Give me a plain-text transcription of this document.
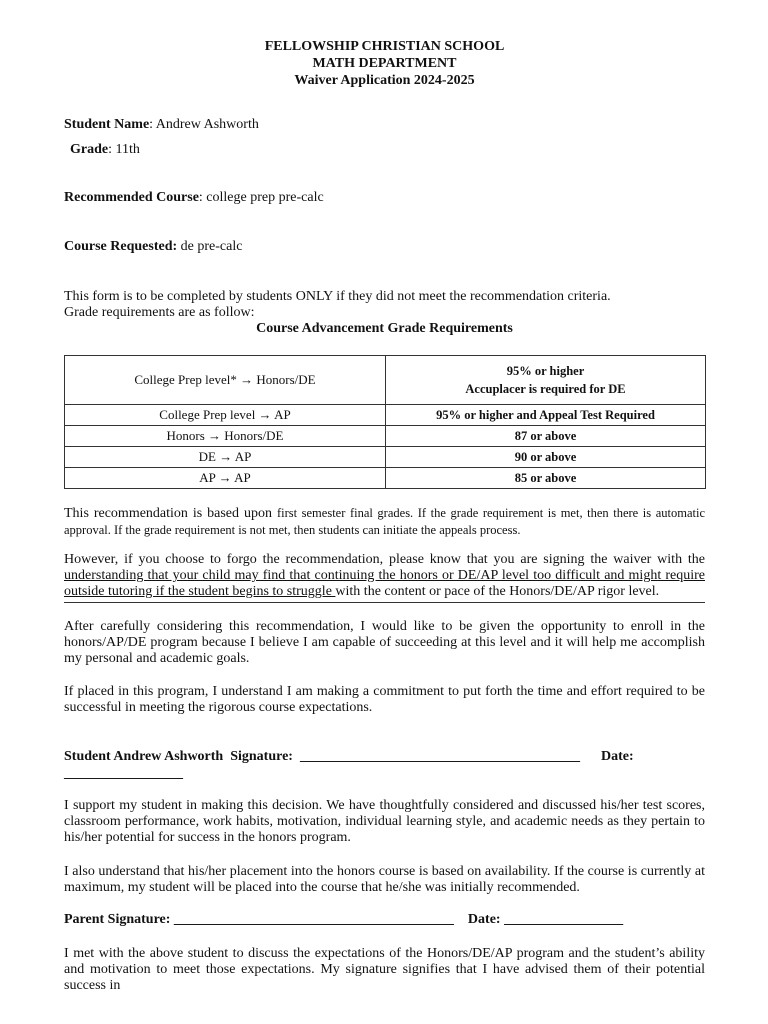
FELLOWSHIP CHRISTIAN SCHOOL
MATH DEPARTMENT
Waiver Application 2024-2025
Student Name: Andrew Ashworth
Grade: 11th
Recommended Course: college prep pre-calc
Course Requested: de pre-calc
This form is to be completed by students ONLY if they did not meet the recommendation criteria.
Grade requirements are as follow:
Course Advancement Grade Requirements
College Prep level* → Honors/DE	95% or higher
Accuplacer is required for DE

College Prep level → AP	95% or higher and Appeal Test Required
Honors → Honors/DE	87 or above
DE → AP	90 or above
AP → AP	85 or above
This recommendation is based upon first semester final grades. If the grade requirement is met, then there is automatic approval. If the grade requirement is not met, then students can initiate the appeals process.
However, if you choose to forgo the recommendation, please know that you are signing the waiver with the understanding that your child may find that continuing the honors or DE/AP level too difficult and might require outside tutoring if the student begins to struggle with the content or pace of the Honors/DE/AP rigor level.
After carefully considering this recommendation, I would like to be given the opportunity to enroll in the honors/AP/DE program because I believe I am capable of succeeding at this level and it will help me accomplish my personal and academic goals.
If placed in this program, I understand I am making a commitment to put forth the time and effort required to be successful in meeting the rigorous course expectations.
Student Andrew Ashworth  Signature:  ________________________________________      Date:
_________________
I support my student in making this decision. We have thoughtfully considered and discussed his/her test scores, classroom performance, work habits, motivation, individual learning style, and academic needs as they pertain to his/her potential for success in the honors program.
I also understand that his/her placement into the honors course is based on availability. If the course is currently at maximum, my student will be placed into the course that he/she was initially recommended.
Parent Signature: ________________________________________    Date: _________________
I met with the above student to discuss the expectations of the Honors/DE/AP program and the student’s ability and motivation to meet those expectations. My signature signifies that I have advised them of their potential success in
